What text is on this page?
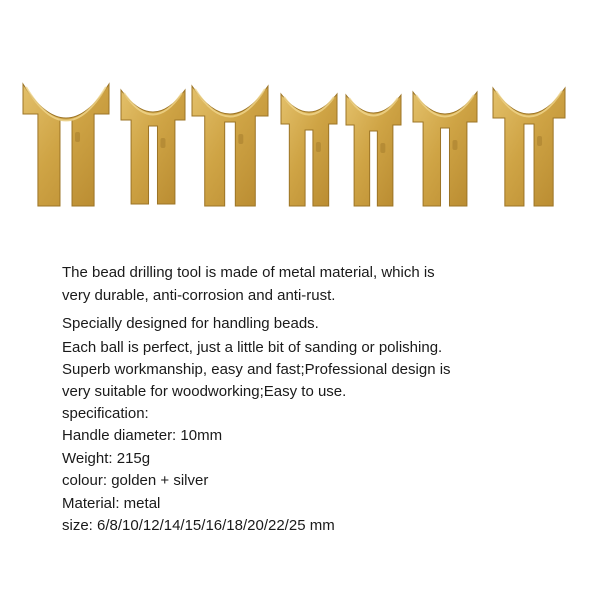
The bead drilling tool is made of metal material, which is

very durable, anti-corrosion and anti-rust.

Specially designed for handling beads.

Each ball is perfect, just a little bit of sanding or polishing.

Superb workmanship, easy and fast;Professional design is

very suitable for woodworking;Easy to use.

specification:

Handle diameter: 10mm

Weight: 215g

colour: golden + silver

Material: metal

size: 6/8/10/12/14/15/16/18/20/22/25 mm
